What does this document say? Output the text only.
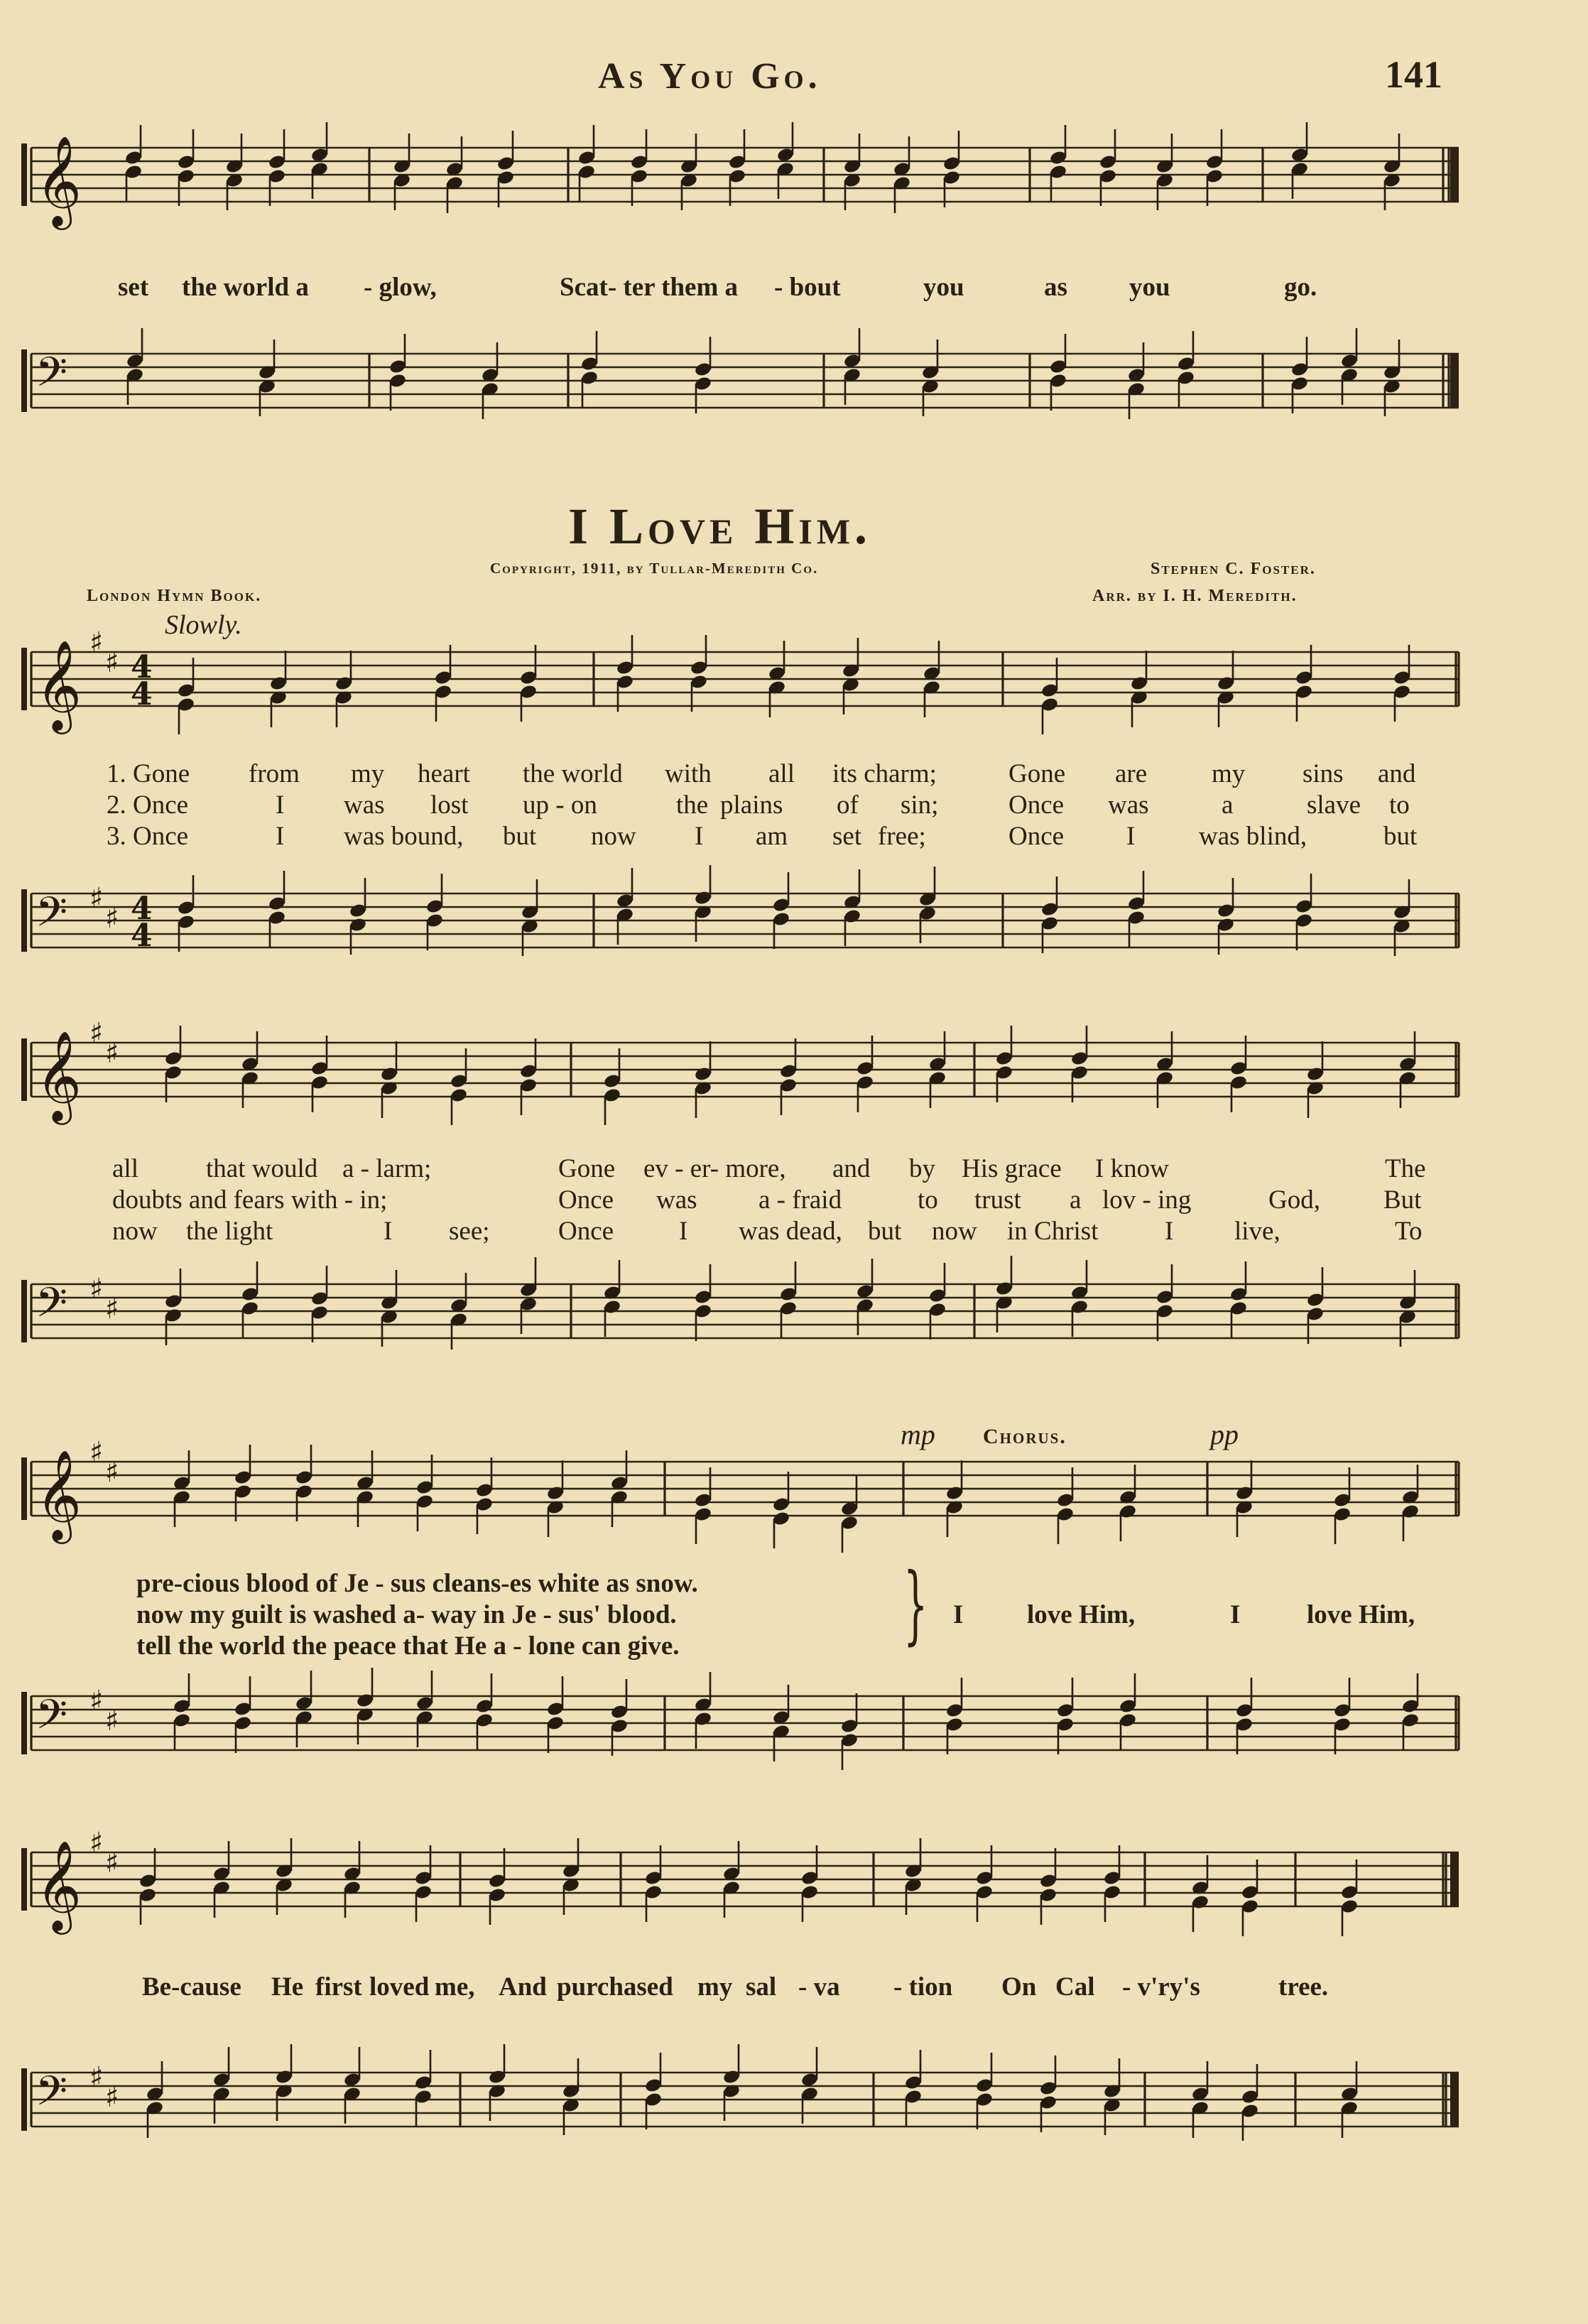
As You Go.	141
𝄞
set the world a - glow,	Scat- ter them a - bout	you	as you	go.
𝄢
I Love Him.
Copyright, 1911, by Tullar-Meredith Co.	Stephen C. Foster.
London Hymn Book.	Arr. by I. H. Meredith.
Slowly.
𝄞 ♯
♯ 4
4
1. Gone from my heart the world with all its charm;	Gone are my sins and
2. Once	I was lost up - on	the plains of sin;	Once was	a	slave to
3. Once	I was bound, but now I am set free;	Once I was blind,	but
𝄢 ♯
♯ 4
4
𝄞 ♯
♯
all	that would a - larm;	Gone ev - er- more, and by His grace I know	The
doubts and fears with - in;	Once was a - fraid	to trust a lov - ing	God, But
now the light	I see;	Once I was dead, but now in Christ	I live,	To
𝄢 ♯
♯
mp Chorus.	pp
𝄞 ♯
♯
pre-cious blood of Je - sus cleans-es white as snow.
now my guilt is washed a- way in Je - sus' blood.
tell the world the peace that He a - lone can give.	} I love Him,	I	love Him,
𝄢 ♯
♯
𝄞 ♯
♯
Be-cause He first loved me, And purchased my sal - va - tion On Cal - v'ry's	tree.
𝄢 ♯
♯
